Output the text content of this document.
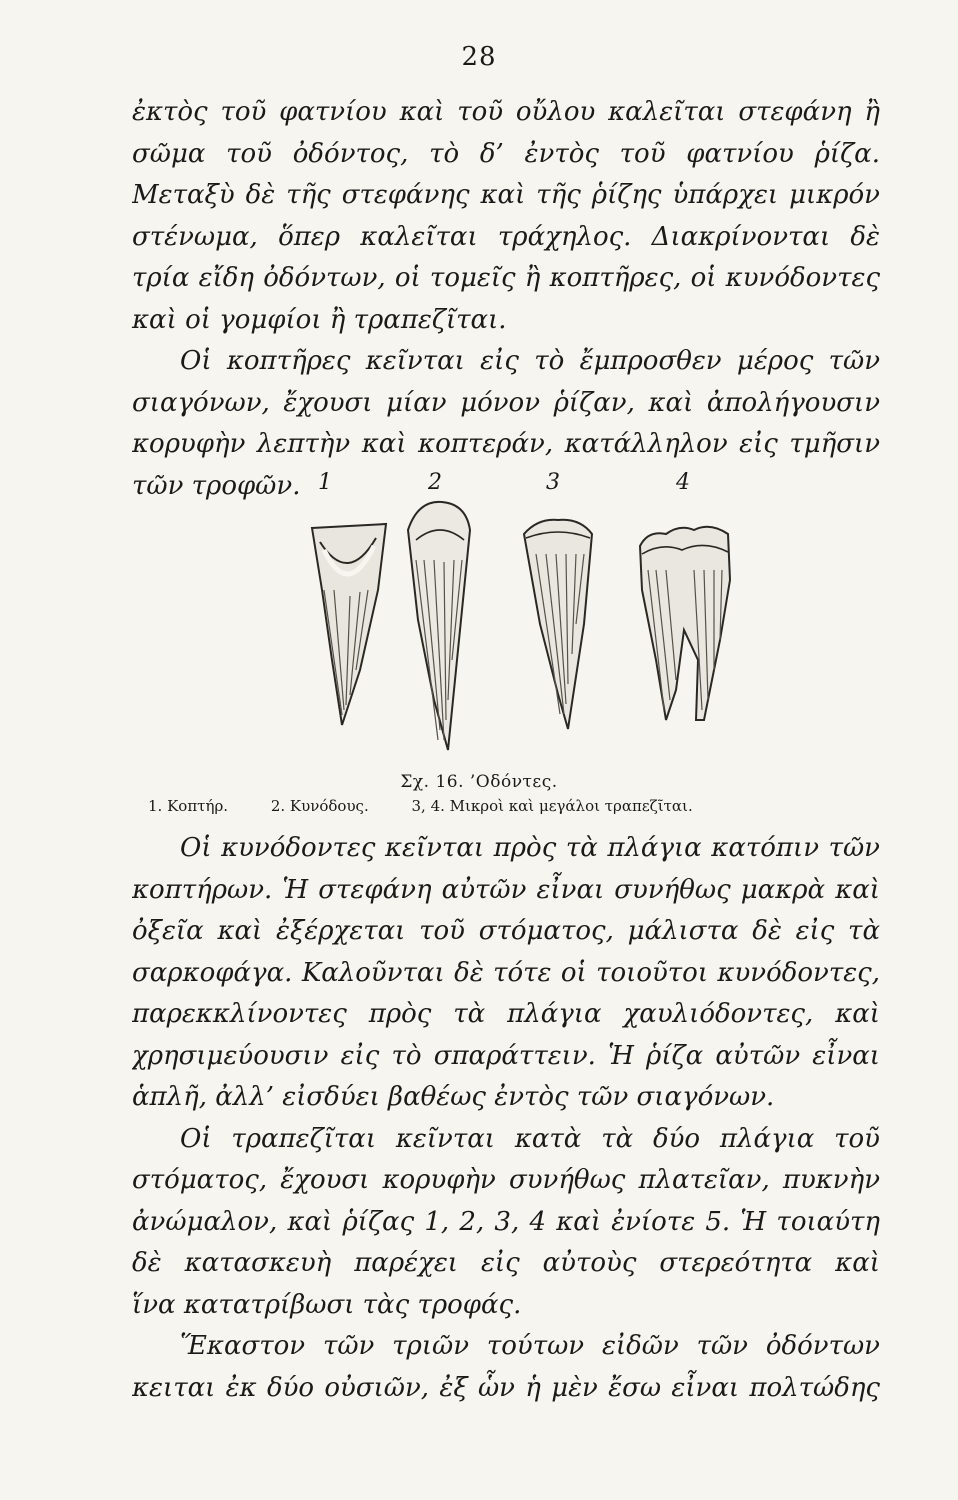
28
ἐκτὸς τοῦ φατνίου καὶ τοῦ οὔλου καλεῖται στεφάνη ἢ
σῶμα τοῦ ὀδόντος, τὸ δ’ ἐντὸς τοῦ φατνίου ῥίζα.
Μεταξὺ δὲ τῆς στεφάνης καὶ τῆς ῥίζης ὑπάρχει μικρόν
στένωμα, ὅπερ καλεῖται τράχηλος. Διακρίνονται δὲ
τρία εἴδη ὀδόντων, οἱ τομεῖς ἢ κοπτῆρες, οἱ κυνόδοντες
καὶ οἱ γομφίοι ἢ τραπεζῖται.
Οἱ κοπτῆρες κεῖνται εἰς τὸ ἔμπροσθεν μέρος τῶν
σιαγόνων, ἔχουσι μίαν μόνον ῥίζαν, καὶ ἀπολήγουσιν
κορυφὴν λεπτὴν καὶ κοπτεράν, κατάλληλον εἰς τμῆσιν
τῶν τροφῶν. 1	2	3	4
Σχ. 16. ’Οδόντες.
1. Κοπτήρ.	2. Κυνόδους.	3, 4. Μικροὶ καὶ μεγάλοι τραπεζῖται.
Οἱ κυνόδοντες κεῖνται πρὸς τὰ πλάγια κατόπιν τῶν
κοπτήρων. Ἡ στεφάνη αὐτῶν εἶναι συνήθως μακρὰ καὶ
ὀξεῖα καὶ ἐξέρχεται τοῦ στόματος, μάλιστα δὲ εἰς τὰ
σαρκοφάγα. Καλοῦνται δὲ τότε οἱ τοιοῦτοι κυνόδοντες,
παρεκκλίνοντες πρὸς τὰ πλάγια χαυλιόδοντες, καὶ
χρησιμεύουσιν εἰς τὸ σπαράττειν. Ἡ ῥίζα αὐτῶν εἶναι
ἁπλῆ, ἀλλ’ εἰσδύει βαθέως ἐντὸς τῶν σιαγόνων.
Οἱ τραπεζῖται κεῖνται κατὰ τὰ δύο πλάγια τοῦ
στόματος, ἔχουσι κορυφὴν συνήθως πλατεῖαν, πυκνὴν
ἀνώμαλον, καὶ ῥίζας 1, 2, 3, 4 καὶ ἐνίοτε 5. Ἡ τοιαύτη
δὲ κατασκευὴ παρέχει εἰς αὐτοὺς στερεότητα καὶ
ἵνα κατατρίβωσι τὰς τροφάς.
Ἕκαστον τῶν τριῶν τούτων εἰδῶν τῶν ὀδόντων
κειται ἐκ δύο οὐσιῶν, ἐξ ὧν ἡ μὲν ἔσω εἶναι πολτώδης
